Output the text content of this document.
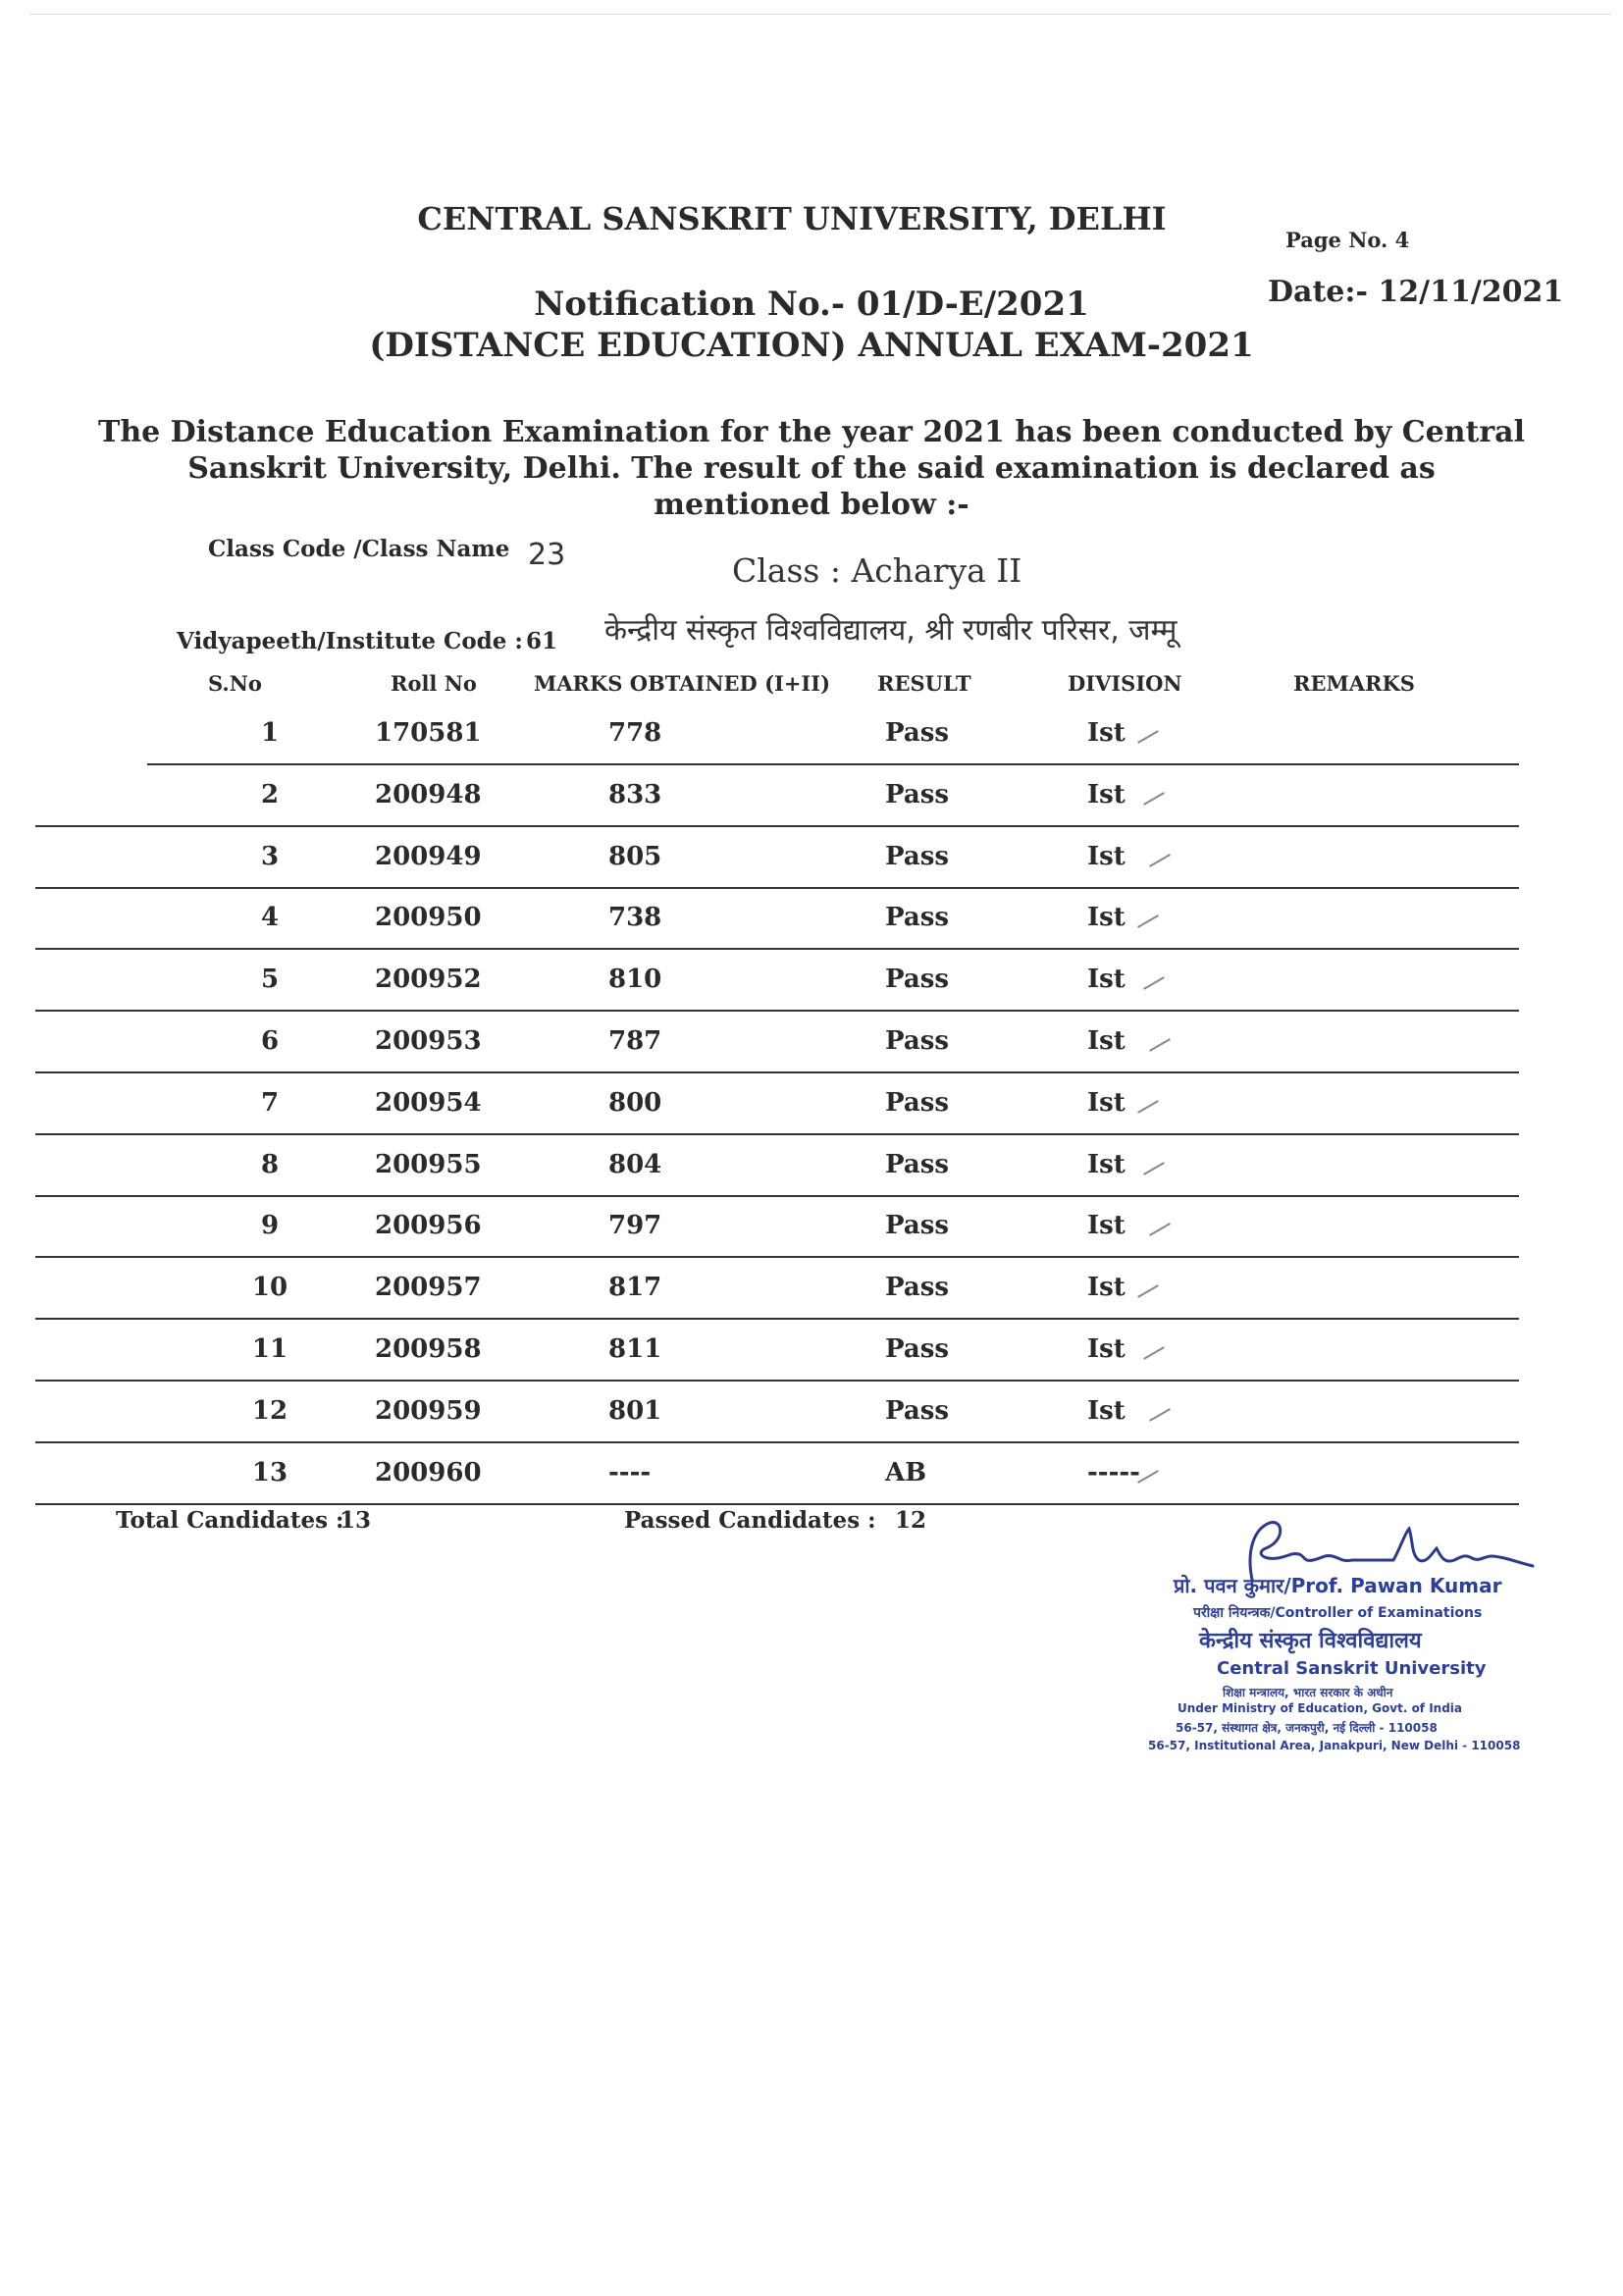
CENTRAL SANSKRIT UNIVERSITY, DELHI
Page No. 4
Notification No.- 01/D-E/2021
(DISTANCE EDUCATION) ANNUAL EXAM-2021
Date:- 12/11/2021
The Distance Education Examination for the year 2021 has been conducted by Central
Sanskrit University, Delhi. The result of the said examination is declared as mentioned below :-
Class Code /Class Name 23	Class : Acharya II
Vidyapeeth/Institute Code : 61 केन्द्रीय संस्कृत विश्वविद्यालय, श्री रणबीर परिसर, जम्मू
S.No	Roll No	MARKS OBTAINED (I+II) RESULT	DIVISION	REMARKS
1	170581	778	Pass	Ist
2	200948	833	Pass	Ist
3	200949	805	Pass	Ist
4	200950	738	Pass	Ist
5	200952	810	Pass	Ist
6	200953	787	Pass	Ist
7	200954	800	Pass	Ist
8	200955	804	Pass	Ist
9	200956	797	Pass	Ist
10	200957	817	Pass	Ist
11	200958	811	Pass	Ist
12	200959	801	Pass	Ist
13	200960	----	AB	-----
Total Candidates :
13	Passed Candidates : 12
प्रो. पवन कुमार/Prof. Pawan Kumar
परीक्षा नियन्त्रक/Controller of Examinations
केन्द्रीय संस्कृत विश्वविद्यालय
Central Sanskrit University
शिक्षा मन्त्रालय, भारत सरकार के अधीन
Under Ministry of Education, Govt. of India
56-57, संस्थागत क्षेत्र, जनकपुरी, नई दिल्ली - 110058
56-57, Institutional Area, Janakpuri, New Delhi - 110058
